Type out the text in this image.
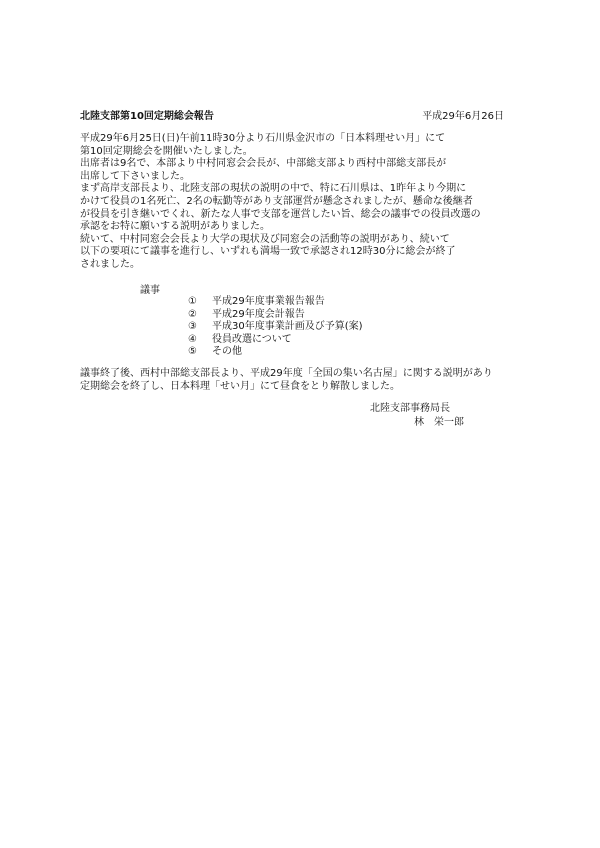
北陸支部第10回定期総会報告	平成29年6月26日
平成29年6月25日(日)午前11時30分より石川県金沢市の「日本料理せい月」にて
第10回定期総会を開催いたしました。
出席者は9名で、本部より中村同窓会会長が、中部総支部より西村中部総支部長が
出席して下さいました。
まず高岸支部長より、北陸支部の現状の説明の中で、特に石川県は、1昨年より今期に
かけて役員の1名死亡、2名の転勤等があり支部運営が懸念されましたが、懸命な後継者
が役員を引き継いでくれ、新たな人事で支部を運営したい旨、総会の議事での役員改選の
承認をお特に願いする説明がありました。
続いて、中村同窓会会長より大学の現状及び同窓会の活動等の説明があり、続いて
以下の要項にて議事を進行し、いずれも満場一致で承認され12時30分に総会が終了
されました。
議事
①	平成29年度事業報告報告
②	平成29年度会計報告
③	平成30年度事業計画及び予算(案)
④	役員改選について
⑤	その他
議事終了後、西村中部総支部長より、平成29年度「全国の集い名古屋」に関する説明があり
定期総会を終了し、日本料理「せい月」にて昼食をとり解散しました。
北陸支部事務局長
林　栄一郎
